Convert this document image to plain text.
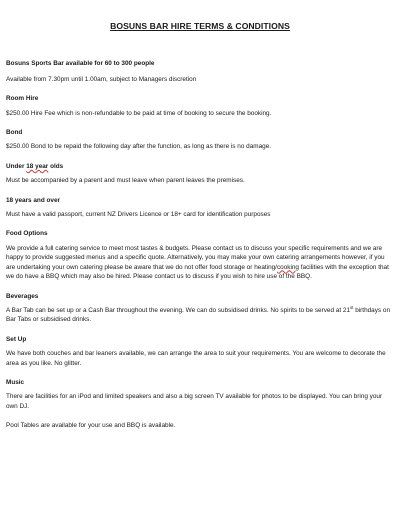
BOSUNS BAR HIRE TERMS & CONDITIONS
Bosuns Sports Bar available for 60 to 300 people
Available from 7.30pm until 1.00am, subject to Managers discretion
Room Hire
$250.00 Hire Fee which is non-refundable to be paid at time of booking to secure the booking.
Bond
$250.00 Bond to be repaid the following day after the function, as long as there is no damage.
Under 18 year olds
Must be accompanied by a parent and must leave when parent leaves the premises.
18 years and over
Must have a valid passport, current NZ Drivers Licence or 18+ card for identification purposes
Food Options
We provide a full catering service to meet most tastes & budgets. Please contact us to discuss your specific requirements and we are happy to provide suggested menus and a specific quote. Alternatively, you may make your own catering arrangements however, if you are undertaking your own catering please be aware that we do not offer food storage or heating/cooking facilities with the exception that we do have a BBQ which may also be hired. Please contact us to discuss if you wish to hire use of the BBQ.
Beverages
A Bar Tab can be set up or a Cash Bar throughout the evening. We can do subsidised drinks. No spirits to be served at 21st birthdays on Bar Tabs or subsidised drinks.
Set Up
We have both couches and bar leaners available, we can arrange the area to suit your requirements. You are welcome to decorate the area as you like. No glitter.
Music
There are facilities for an iPod and limited speakers and also a big screen TV available for photos to be displayed. You can bring your own DJ.
Pool Tables are available for your use and BBQ is available.
